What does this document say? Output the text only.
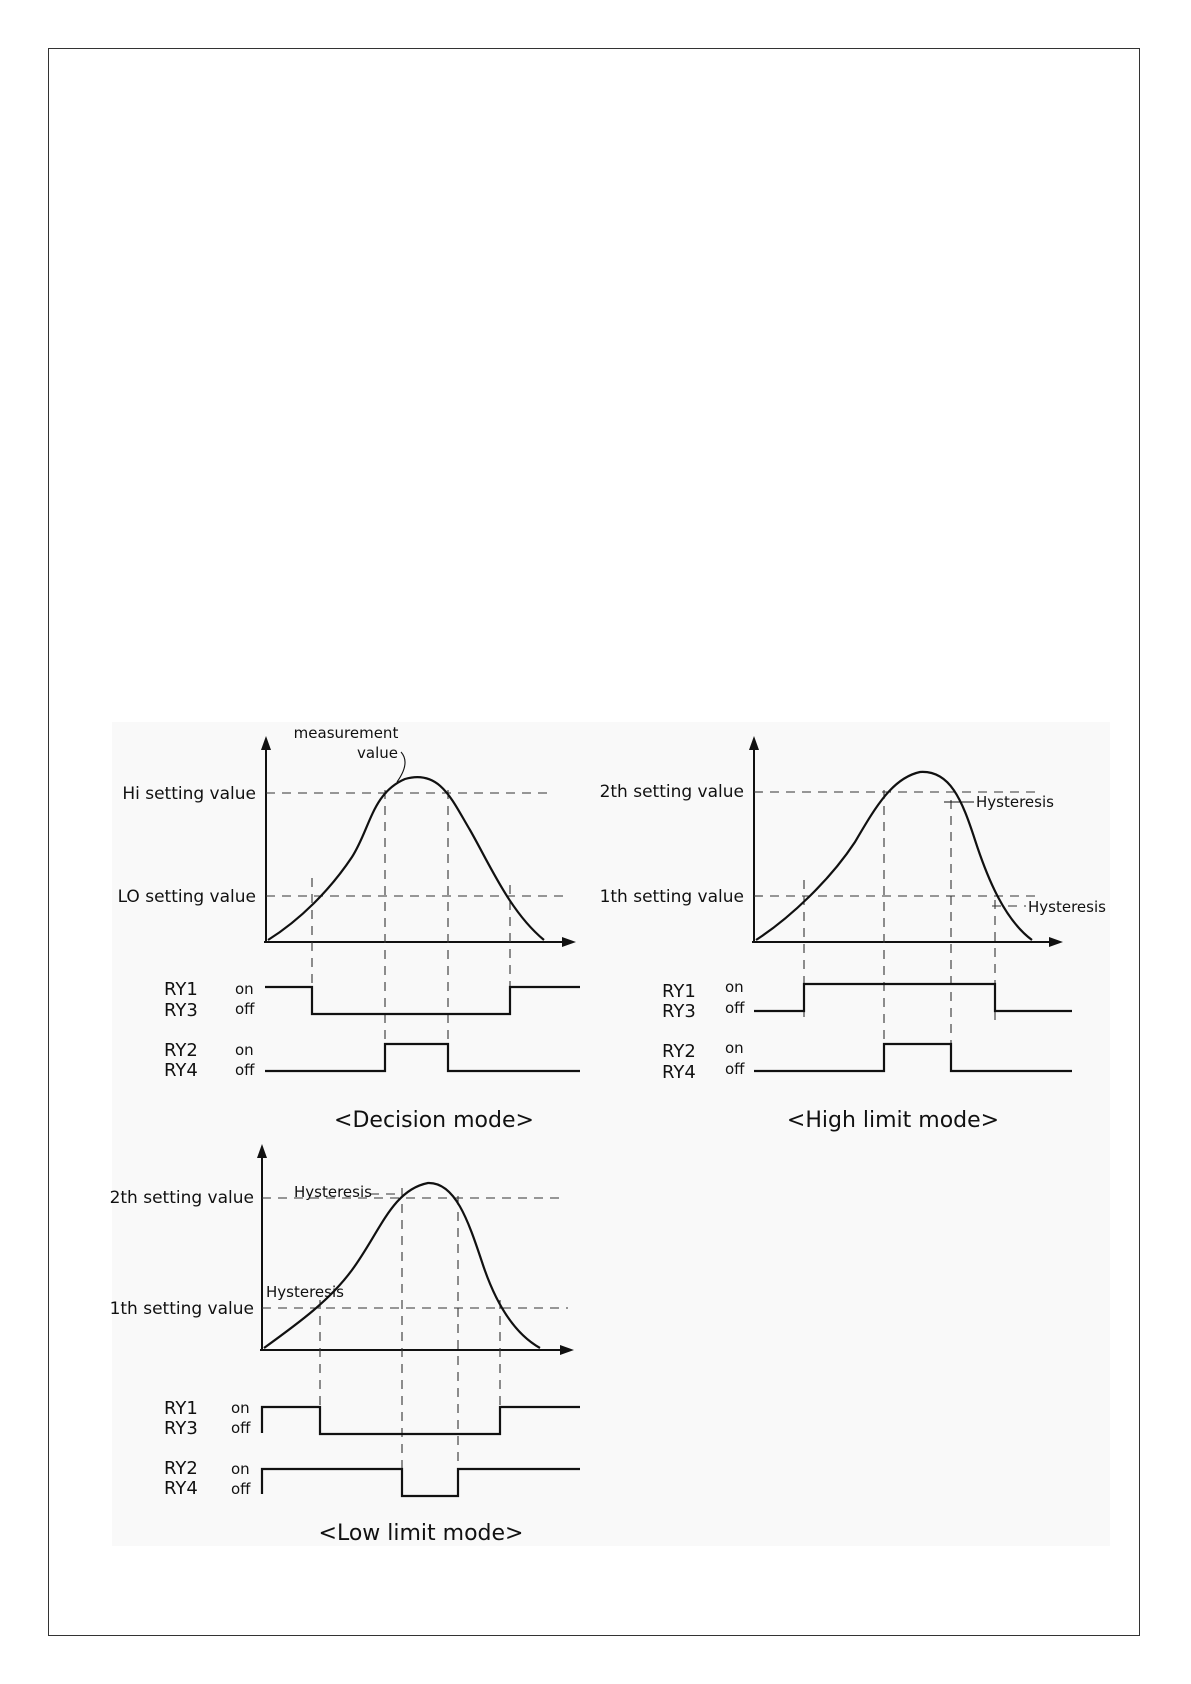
measurement
value
Hi setting value
LO setting value
RY1
RY3
on
off
RY2
RY4
on
off
<Decision mode>
Hysteresis
Hysteresis
2th setting value
1th setting value
RY1
RY3
on
off
RY2
RY4
on
off
<High limit mode>
Hysteresis
Hysteresis
2th setting value
1th setting value
RY1
RY3
on
off
RY2
RY4
on
off
<Low limit mode>
